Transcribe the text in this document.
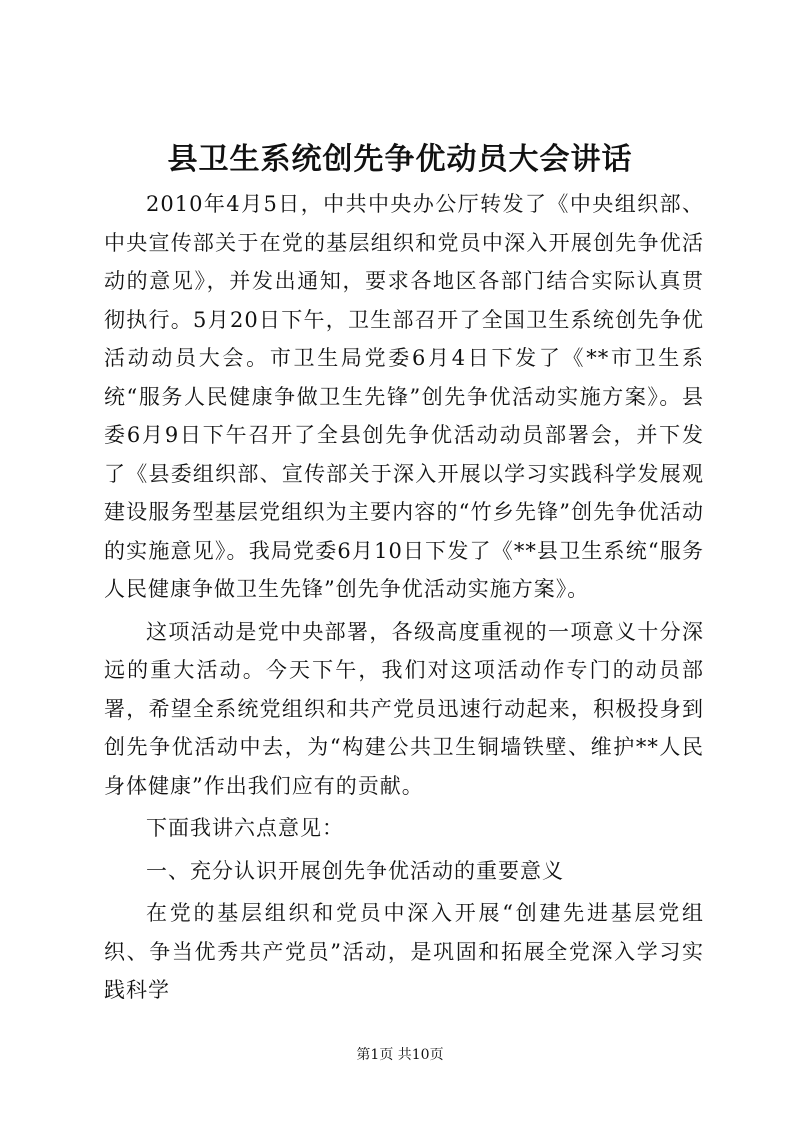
县卫生系统创先争优动员大会讲话

2010年4月5日，中共中央办公厅转发了《中央组织部、中央宣传部关于在党的基层组织和党员中深入开展创先争优活动的意见》，并发出通知，要求各地区各部门结合实际认真贯彻执行。5月20日下午，卫生部召开了全国卫生系统创先争优活动动员大会。市卫生局党委6月4日下发了《**市卫生系统“服务人民健康争做卫生先锋”创先争优活动实施方案》。县委6月9日下午召开了全县创先争优活动动员部署会，并下发了《县委组织部、宣传部关于深入开展以学习实践科学发展观建设服务型基层党组织为主要内容的“竹乡先锋”创先争优活动的实施意见》。我局党委6月10日下发了《**县卫生系统“服务人民健康争做卫生先锋”创先争优活动实施方案》。

这项活动是党中央部署，各级高度重视的一项意义十分深远的重大活动。今天下午，我们对这项活动作专门的动员部署，希望全系统党组织和共产党员迅速行动起来，积极投身到创先争优活动中去，为“构建公共卫生铜墙铁壁、维护**人民身体健康”作出我们应有的贡献。

下面我讲六点意见：

一、充分认识开展创先争优活动的重要意义

在党的基层组织和党员中深入开展“创建先进基层党组织、争当优秀共产党员”活动，是巩固和拓展全党深入学习实践科学

第1页 共10页
